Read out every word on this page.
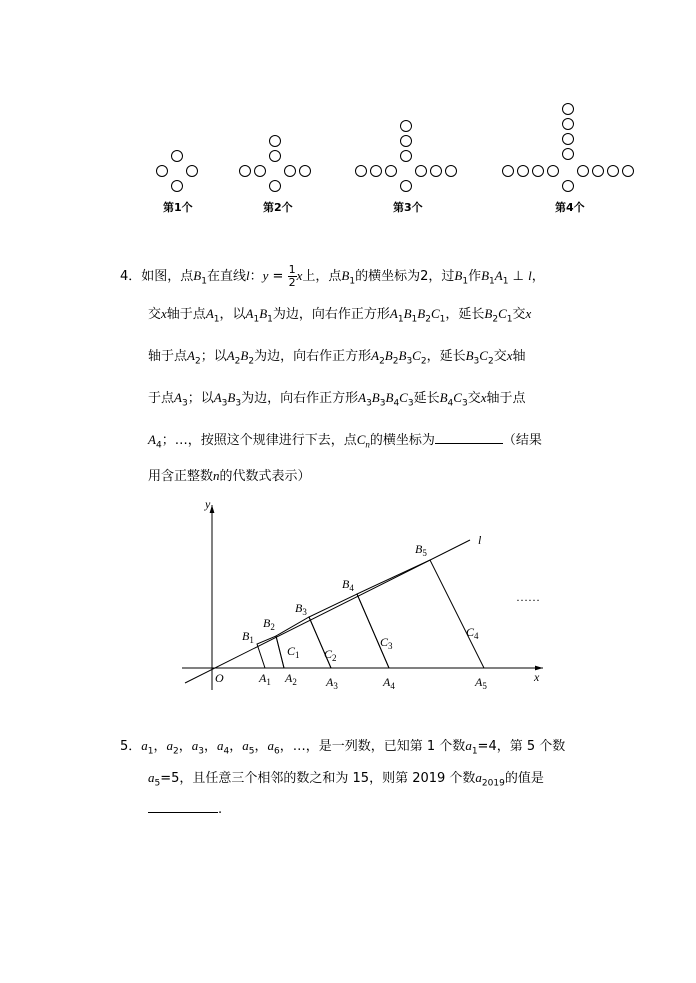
第1个	第2个	第3个	第4个
4．如图，点$B_1$在直线l：$y = \frac{1}{2}$ x上，点$B_1$的横坐标为2，过$B_1$作$B_1A_1$ ⊥ l，
交x轴于点$A_1$，以$A_1B_1$为边，向右作正方形$A_1B_1B_2C_1$，延长$B_2C_1$交x
轴于点$A_2$；以$A_2B_2$为边，向右作正方形$A_2B_2B_3C_2$，延长$B_3C_2$交x轴
于点$A_3$；以$A_3B_3$为边，向右作正方形$A_3B_3B_4C_3$延长$B_4C_3$交x轴于点
$A_4$；…，按照这个规律进行下去，点$C_n$的横坐标为	（结果
用含正整数n的代数式表示）
y
x
O
l
……
$B_1$
$B_2$
$B_3$
$B_4$
$B_5$
$C_1$ $C_2$
$C_3$
$C_4$
$A_1$ $A_2$ $A_3$	$A_4$	$A_5$
5．$a_1$，$a_2$，$a_3$，$a_4$，$a_5$，$a_6$，…，是一列数，已知第 1 个数$a_1=4$，第 5 个数
$a_5=5$，且任意三个相邻的数之和为 15，则第 2019 个数$a_{2019}$的值是
.
